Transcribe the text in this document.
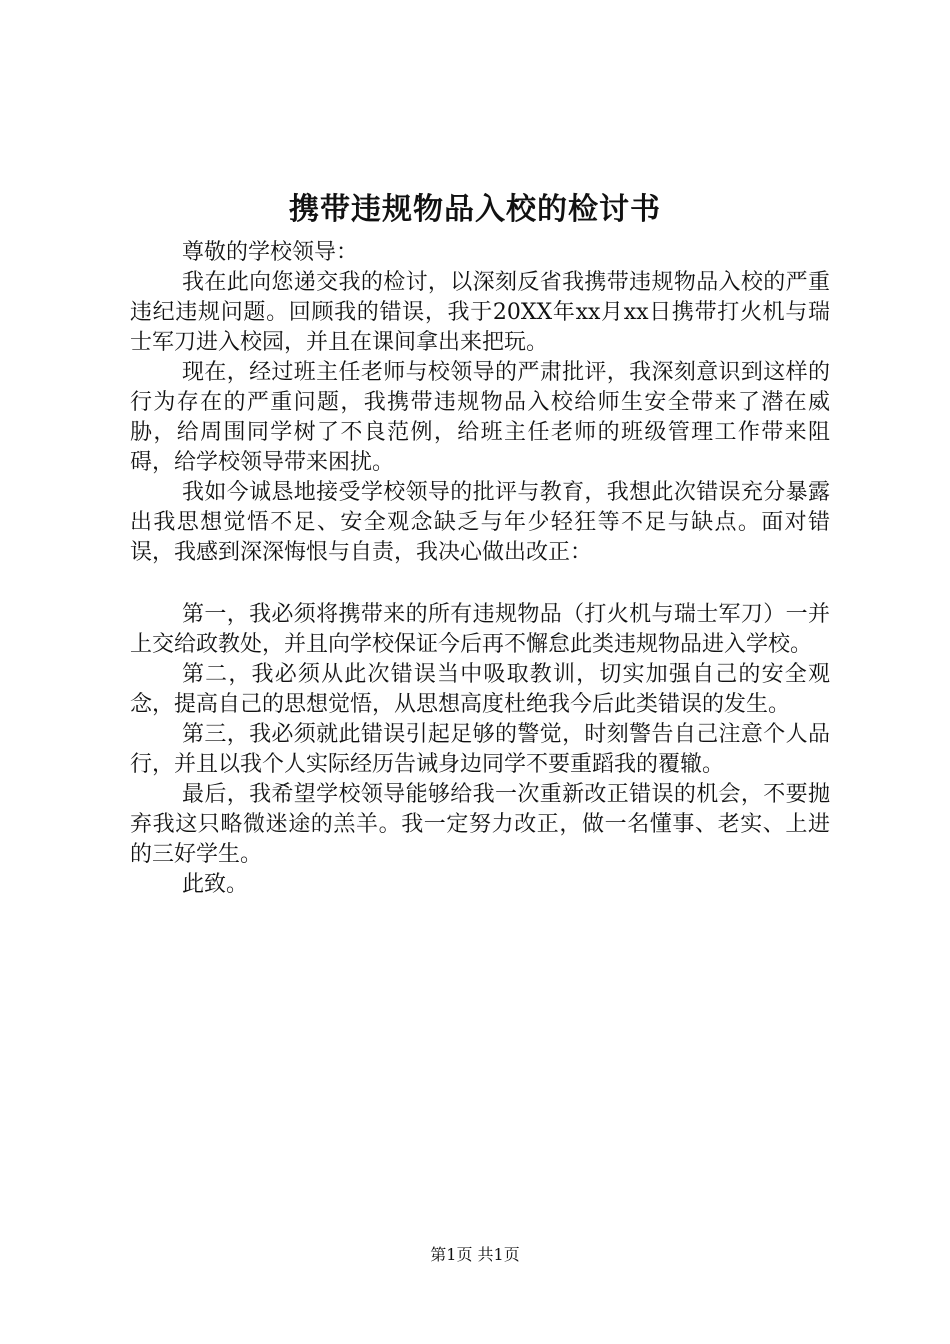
携带违规物品入校的检讨书

尊敬的学校领导：

我在此向您递交我的检讨，以深刻反省我携带违规物品入校的严重违纪违规问题。回顾我的错误，我于20XX年xx月xx日携带打火机与瑞士军刀进入校园，并且在课间拿出来把玩。

现在，经过班主任老师与校领导的严肃批评，我深刻意识到这样的行为存在的严重问题，我携带违规物品入校给师生安全带来了潜在威胁，给周围同学树了不良范例，给班主任老师的班级管理工作带来阻碍，给学校领导带来困扰。

我如今诚恳地接受学校领导的批评与教育，我想此次错误充分暴露出我思想觉悟不足、安全观念缺乏与年少轻狂等不足与缺点。面对错误，我感到深深悔恨与自责，我决心做出改正：

第一，我必须将携带来的所有违规物品（打火机与瑞士军刀）一并上交给政教处，并且向学校保证今后再不懈怠此类违规物品进入学校。

第二，我必须从此次错误当中吸取教训，切实加强自己的安全观念，提高自己的思想觉悟，从思想高度杜绝我今后此类错误的发生。

第三，我必须就此错误引起足够的警觉，时刻警告自己注意个人品行，并且以我个人实际经历告诫身边同学不要重蹈我的覆辙。

最后，我希望学校领导能够给我一次重新改正错误的机会，不要抛弃我这只略微迷途的羔羊。我一定努力改正，做一名懂事、老实、上进的三好学生。

此致。

第1页 共1页
